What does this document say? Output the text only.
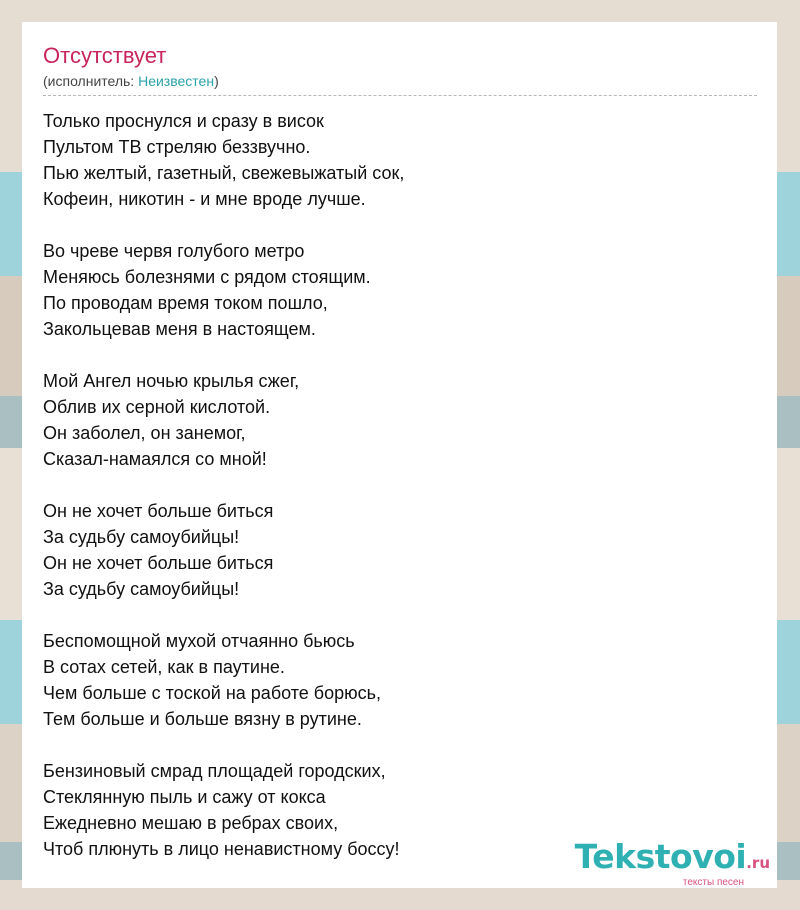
Отсутствует
(исполнитель: Неизвестен)
Только проснулся и сразу в висок
Пультом ТВ стреляю беззвучно.
Пью желтый, газетный, свежевыжатый сок,
Кофеин, никотин - и мне вроде лучше.
Во чреве червя голубого метро
Меняюсь болезнями с рядом стоящим.
По проводам время током пошло,
Закольцевав меня в настоящем.
Мой Ангел ночью крылья сжег,
Облив их серной кислотой.
Он заболел, он занемог,
Сказал-намаялся со мной!
Он не хочет больше биться
За судьбу самоубийцы!
Он не хочет больше биться
За судьбу самоубийцы!
Беспомощной мухой отчаянно бьюсь
В сотах сетей, как в паутине.
Чем больше с тоской на работе борюсь,
Тем больше и больше вязну в рутине.
Бензиновый смрад площадей городских,
Стеклянную пыль и сажу от кокса
Ежедневно мешаю в ребрах своих,
Чтоб плюнуть в лицо ненавистному боссу!	Tekstovoi.ru
тексты песен
